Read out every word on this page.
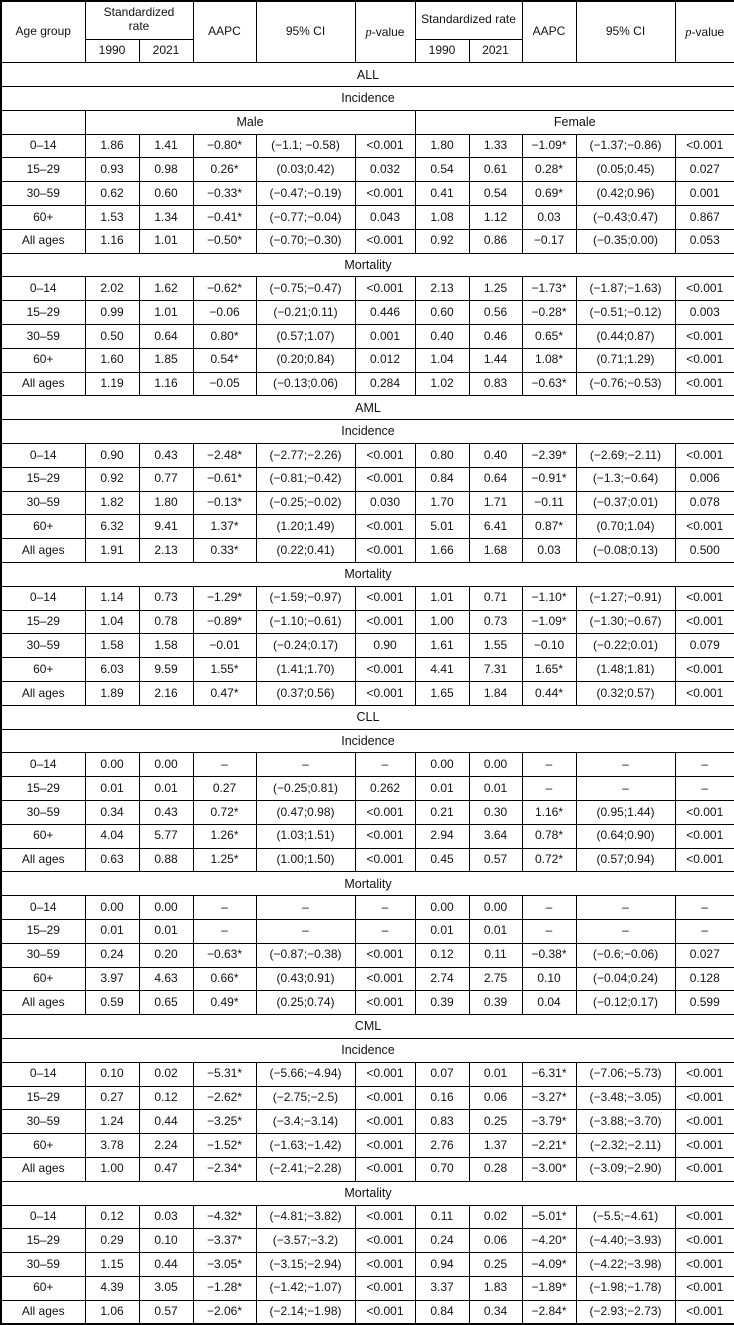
Age group	Standardized rate		AAPC	95% CI	p-value	Standardized rate		AAPC	95% CI	p-value
	1990	2021				1990	2021			
ALL										
Incidence										
	Male					Female				
0–14	1.86	1.41	−0.80*	(−1.1; −0.58)	<0.001	1.80	1.33	−1.09*	(−1.37;−0.86)	<0.001
15–29	0.93	0.98	0.26*	(0.03;0.42)	0.032	0.54	0.61	0.28*	(0.05;0.45)	0.027
30–59	0.62	0.60	−0.33*	(−0.47;−0.19)	<0.001	0.41	0.54	0.69*	(0.42;0.96)	0.001
60+	1.53	1.34	−0.41*	(−0.77;−0.04)	0.043	1.08	1.12	0.03	(−0.43;0.47)	0.867
All ages	1.16	1.01	−0.50*	(−0.70;−0.30)	<0.001	0.92	0.86	−0.17	(−0.35;0.00)	0.053
Mortality										
0–14	2.02	1.62	−0.62*	(−0.75;−0.47)	<0.001	2.13	1.25	−1.73*	(−1.87;−1.63)	<0.001
15–29	0.99	1.01	−0.06	(−0.21;0.11)	0.446	0.60	0.56	−0.28*	(−0.51;−0.12)	0.003
30–59	0.50	0.64	0.80*	(0.57;1.07)	0.001	0.40	0.46	0.65*	(0.44;0.87)	<0.001
60+	1.60	1.85	0.54*	(0.20;0.84)	0.012	1.04	1.44	1.08*	(0.71;1.29)	<0.001
All ages	1.19	1.16	−0.05	(−0.13;0.06)	0.284	1.02	0.83	−0.63*	(−0.76;−0.53)	<0.001
AML										
Incidence										
0–14	0.90	0.43	−2.48*	(−2.77;−2.26)	<0.001	0.80	0.40	−2.39*	(−2.69;−2.11)	<0.001
15–29	0.92	0.77	−0.61*	(−0.81;−0.42)	<0.001	0.84	0.64	−0.91*	(−1.3;−0.64)	0.006
30–59	1.82	1.80	−0.13*	(−0.25;−0.02)	0.030	1.70	1.71	−0.11	(−0.37;0.01)	0.078
60+	6.32	9.41	1.37*	(1.20;1.49)	<0.001	5.01	6.41	0.87*	(0.70;1.04)	<0.001
All ages	1.91	2.13	0.33*	(0.22;0.41)	<0.001	1.66	1.68	0.03	(−0.08;0.13)	0.500
Mortality										
0–14	1.14	0.73	−1.29*	(−1.59;−0.97)	<0.001	1.01	0.71	−1.10*	(−1.27;−0.91)	<0.001
15–29	1.04	0.78	−0.89*	(−1.10;−0.61)	<0.001	1.00	0.73	−1.09*	(−1.30;−0.67)	<0.001
30–59	1.58	1.58	−0.01	(−0.24;0.17)	0.90	1.61	1.55	−0.10	(−0.22;0.01)	0.079
60+	6.03	9.59	1.55*	(1.41;1.70)	<0.001	4.41	7.31	1.65*	(1.48;1.81)	<0.001
All ages	1.89	2.16	0.47*	(0.37;0.56)	<0.001	1.65	1.84	0.44*	(0.32;0.57)	<0.001
CLL										
Incidence										
0–14	0.00	0.00	–	–	–	0.00	0.00	–	–	–
15–29	0.01	0.01	0.27	(−0.25;0.81)	0.262	0.01	0.01	–	–	–
30–59	0.34	0.43	0.72*	(0.47;0.98)	<0.001	0.21	0.30	1.16*	(0.95;1.44)	<0.001
60+	4.04	5.77	1.26*	(1.03;1.51)	<0.001	2.94	3.64	0.78*	(0.64;0.90)	<0.001
All ages	0.63	0.88	1.25*	(1.00;1.50)	<0.001	0.45	0.57	0.72*	(0.57;0.94)	<0.001
Mortality										
0–14	0.00	0.00	–	–	–	0.00	0.00	–	–	–
15–29	0.01	0.01	–	–	–	0.01	0.01	–	–	–
30–59	0.24	0.20	−0.63*	(−0.87;−0.38)	<0.001	0.12	0.11	−0.38*	(−0.6;−0.06)	0.027
60+	3.97	4.63	0.66*	(0.43;0.91)	<0.001	2.74	2.75	0.10	(−0.04;0.24)	0.128
All ages	0.59	0.65	0.49*	(0.25;0.74)	<0.001	0.39	0.39	0.04	(−0.12;0.17)	0.599
CML										
Incidence										
0–14	0.10	0.02	−5.31*	(−5.66;−4.94)	<0.001	0.07	0.01	−6.31*	(−7.06;−5.73)	<0.001
15–29	0.27	0.12	−2.62*	(−2.75;−2.5)	<0.001	0.16	0.06	−3.27*	(−3.48;−3.05)	<0.001
30–59	1.24	0.44	−3.25*	(−3.4;−3.14)	<0.001	0.83	0.25	−3.79*	(−3.88;−3.70)	<0.001
60+	3.78	2.24	−1.52*	(−1.63;−1.42)	<0.001	2.76	1.37	−2.21*	(−2.32;−2.11)	<0.001
All ages	1.00	0.47	−2.34*	(−2.41;−2.28)	<0.001	0.70	0.28	−3.00*	(−3.09;−2.90)	<0.001
Mortality										
0–14	0.12	0.03	−4.32*	(−4.81;−3.82)	<0.001	0.11	0.02	−5.01*	(−5.5;−4.61)	<0.001
15–29	0.29	0.10	−3.37*	(−3.57;−3.2)	<0.001	0.24	0.06	−4.20*	(−4.40;−3.93)	<0.001
30–59	1.15	0.44	−3.05*	(−3.15;−2.94)	<0.001	0.94	0.25	−4.09*	(−4.22;−3.98)	<0.001
60+	4.39	3.05	−1.28*	(−1.42;−1.07)	<0.001	3.37	1.83	−1.89*	(−1.98;−1.78)	<0.001
All ages	1.06	0.57	−2.06*	(−2.14;−1.98)	<0.001	0.84	0.34	−2.84*	(−2.93;−2.73)	<0.001
